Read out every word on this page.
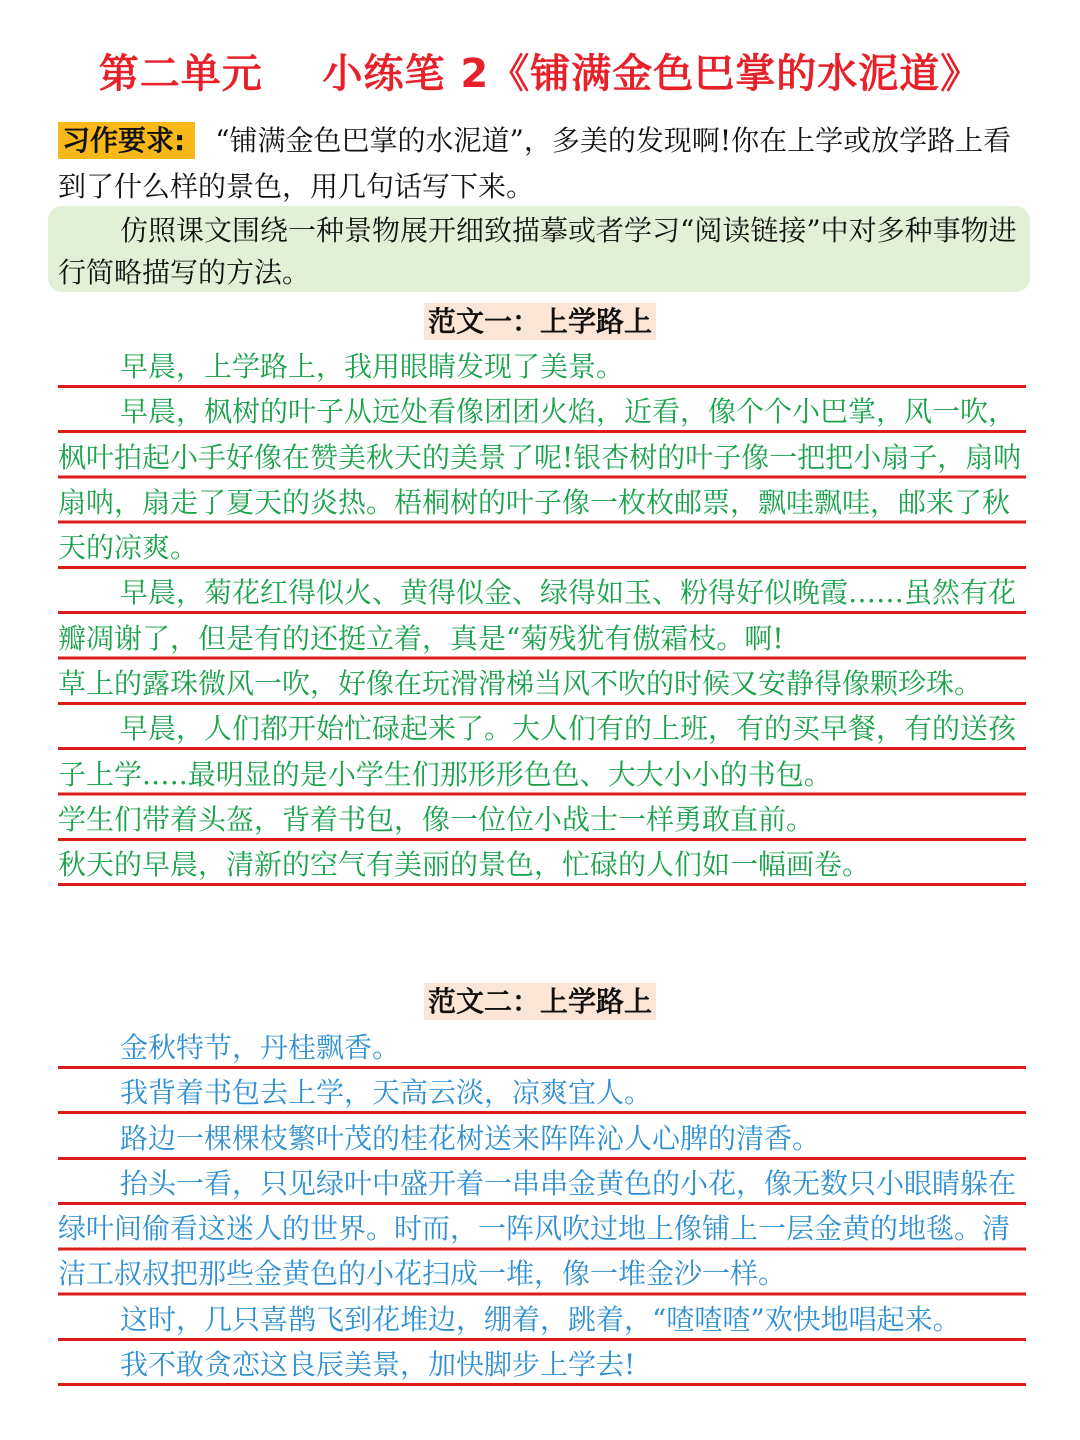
第二单元    小练笔 2《铺满金色巴掌的水泥道》
习作要求: “铺满金色巴掌的水泥道”，多美的发现啊!你在上学或放学路上看到了什么样的景色，用几句话写下来。
仿照课文围绕一种景物展开细致描摹或者学习“阅读链接”中对多种事物进行简略描写的方法。
范文一：上学路上

早晨，上学路上，我用眼睛发现了美景。

早晨，枫树的叶子从远处看像团团火焰，近看，像个个小巴掌，风一吹，枫叶拍起小手好像在赞美秋天的美景了呢!银杏树的叶子像一把把小扇子，扇呐扇呐，扇走了夏天的炎热。梧桐树的叶子像一枚枚邮票，飘哇飘哇，邮来了秋天的凉爽。

早晨，菊花红得似火、黄得似金、绿得如玉、粉得好似晚霞……虽然有花瓣凋谢了，但是有的还挺立着，真是“菊残犹有傲霜枝。啊!

草上的露珠微风一吹，好像在玩滑滑梯当风不吹的时候又安静得像颗珍珠。

早晨，人们都开始忙碌起来了。大人们有的上班，有的买早餐，有的送孩子上学.….最明显的是小学生们那形形色色、大大小小的书包。

学生们带着头盔，背着书包，像一位位小战士一样勇敢直前。

秋天的早晨，清新的空气有美丽的景色，忙碌的人们如一幅画卷。

范文二：上学路上

金秋特节，丹桂飘香。

我背着书包去上学，天高云淡，凉爽宜人。

路边一棵棵枝繁叶茂的桂花树送来阵阵沁人心脾的清香。

抬头一看，只见绿叶中盛开着一串串金黄色的小花，像无数只小眼睛躲在绿叶间偷看这迷人的世界。时而，一阵风吹过地上像铺上一层金黄的地毯。清洁工叔叔把那些金黄色的小花扫成一堆，像一堆金沙一样。

这时，几只喜鹊飞到花堆边，绷着，跳着，“喳喳喳”欢快地唱起来。

我不敢贪恋这良辰美景，加快脚步上学去!
